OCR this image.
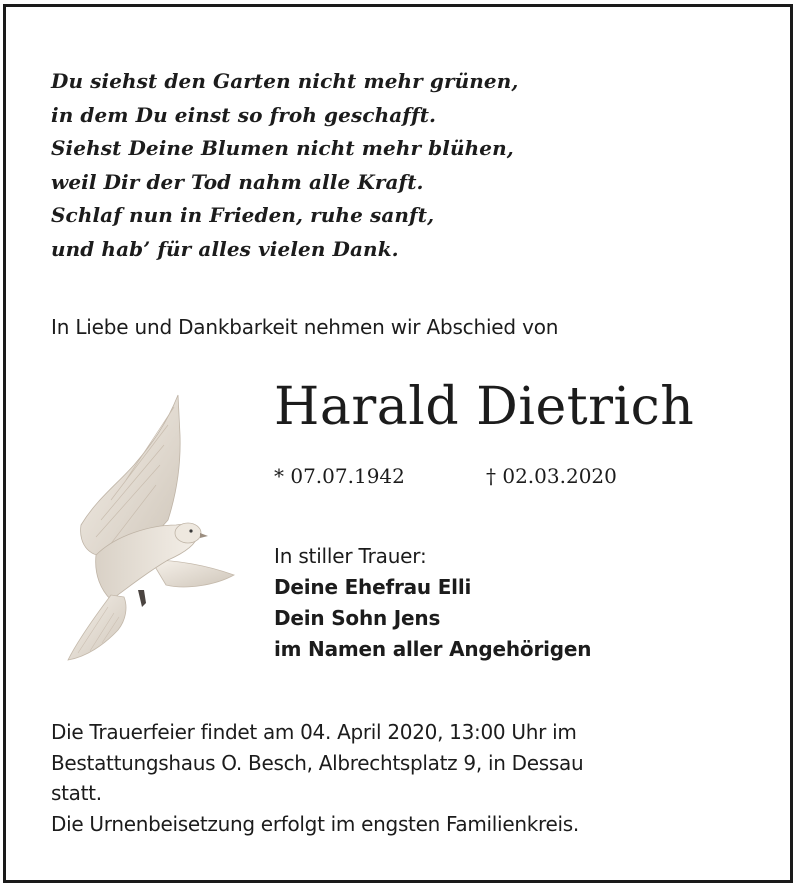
Du siehst den Garten nicht mehr grünen,
in dem Du einst so froh geschafft.
Siehst Deine Blumen nicht mehr blühen,
weil Dir der Tod nahm alle Kraft.
Schlaf nun in Frieden, ruhe sanft,
und hab’ für alles vielen Dank.
In Liebe und Dankbarkeit nehmen wir Abschied von
Harald Dietrich
* 07.07.1942	† 02.03.2020
In stiller Trauer:
Deine Ehefrau Elli
Dein Sohn Jens
im Namen aller Angehörigen
Die Trauerfeier findet am 04. April 2020, 13:00 Uhr im
Bestattungshaus O. Besch, Albrechtsplatz 9, in Dessau
statt.
Die Urnenbeisetzung erfolgt im engsten Familienkreis.
